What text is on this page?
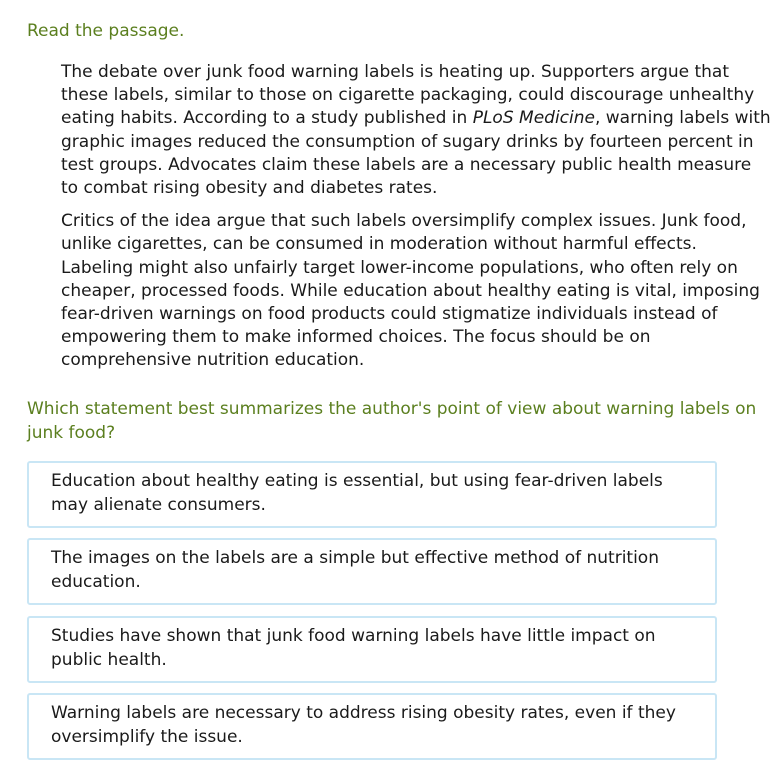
Read the passage.

The debate over junk food warning labels is heating up. Supporters argue that these labels, similar to those on cigarette packaging, could discourage unhealthy eating habits. According to a study published in PLoS Medicine, warning labels with graphic images reduced the consumption of sugary drinks by fourteen percent in test groups. Advocates claim these labels are a necessary public health measure to combat rising obesity and diabetes rates.

Critics of the idea argue that such labels oversimplify complex issues. Junk food, unlike cigarettes, can be consumed in moderation without harmful effects. Labeling might also unfairly target lower-income populations, who often rely on cheaper, processed foods. While education about healthy eating is vital, imposing fear-driven warnings on food products could stigmatize individuals instead of empowering them to make informed choices. The focus should be on comprehensive nutrition education.

Which statement best summarizes the author's point of view about warning labels on junk food?

Education about healthy eating is essential, but using fear-driven labels may alienate consumers.
The images on the labels are a simple but effective method of nutrition education.
Studies have shown that junk food warning labels have little impact on public health.
Warning labels are necessary to address rising obesity rates, even if they oversimplify the issue.
